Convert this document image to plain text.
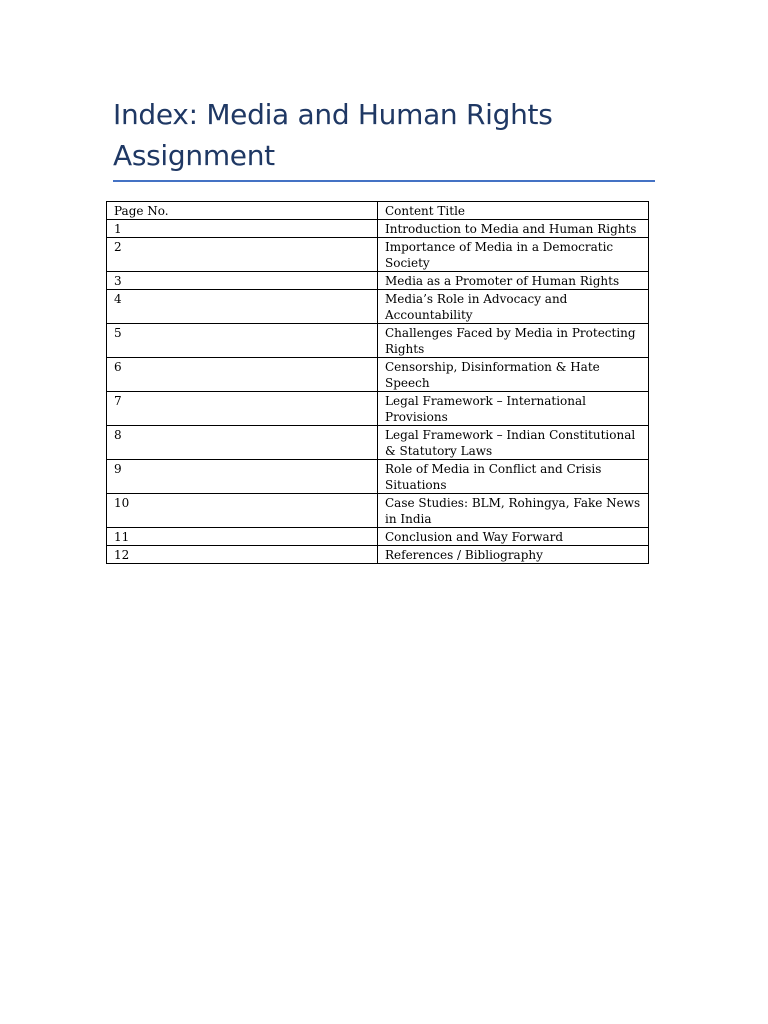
Index: Media and Human Rights Assignment
Page No.	Content Title
1	Introduction to Media and Human Rights
2	Importance of Media in a Democratic Society
3	Media as a Promoter of Human Rights
4	Media’s Role in Advocacy and Accountability
5	Challenges Faced by Media in Protecting Rights
6	Censorship, Disinformation & Hate Speech
7	Legal Framework – International Provisions
8	Legal Framework – Indian Constitutional & Statutory Laws
9	Role of Media in Conflict and Crisis Situations
10	Case Studies: BLM, Rohingya, Fake News in India
11	Conclusion and Way Forward
12	References / Bibliography
